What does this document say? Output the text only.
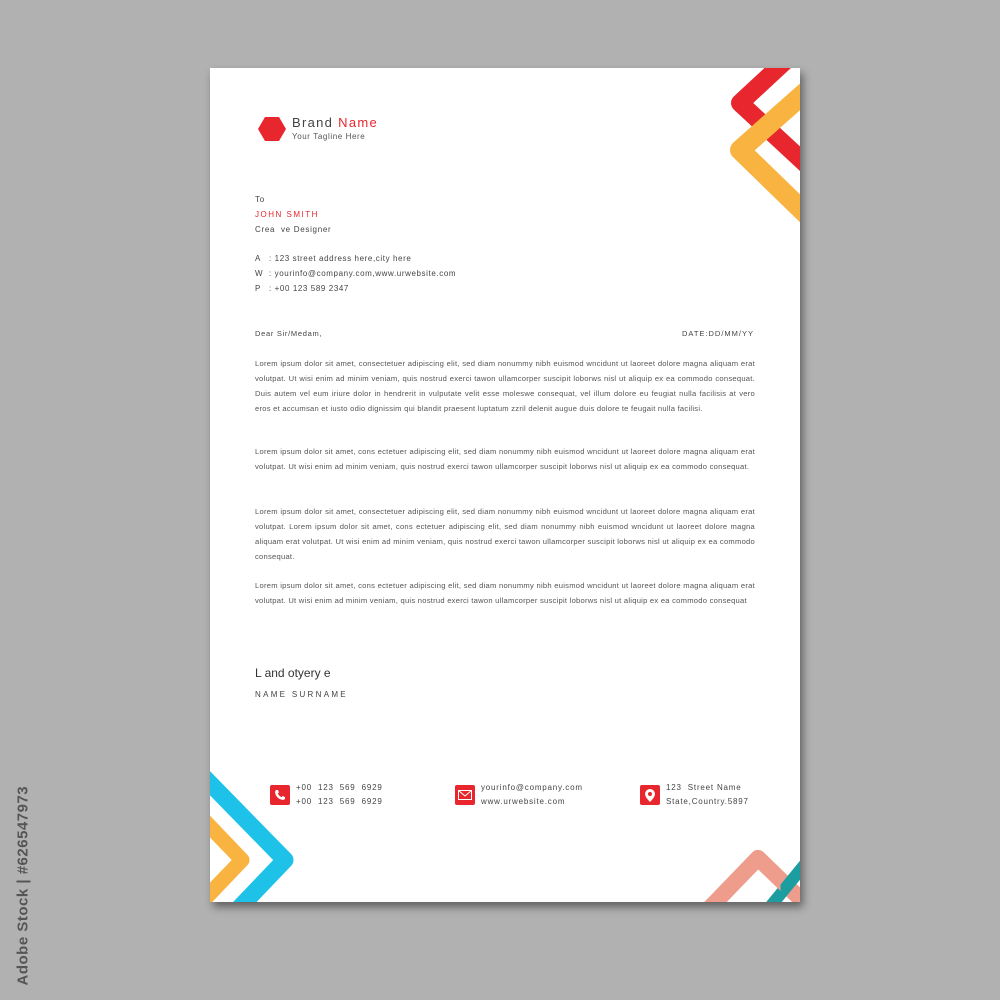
Adobe Stock | #626547973
Brand Name
Your Tagline Here
To
JOHN SMITH
Crea  ve Designer
A : 123 street address here,city here
W : yourinfo@company.com,www.urwebsite.com
P : +00 123 589 2347
Dear Sir/Medam,	DATE:DD/MM/YY

Lorem ipsum dolor sit amet, consectetuer adipiscing elit, sed diam nonummy nibh euismod wncidunt ut laoreet dolore magna aliquam erat volutpat. Ut wisi enim ad minim veniam, quis nostrud exerci tawon ullamcorper suscipit loborws nisl ut aliquip ex ea commodo consequat. Duis autem vel eum iriure dolor in hendrerit in vulputate velit esse moleswe consequat, vel illum dolore eu feugiat nulla facilisis at vero eros et accumsan et iusto odio dignissim qui blandit praesent luptatum zzril delenit augue duis dolore te feugait nulla facilisi.

Lorem ipsum dolor sit amet, cons ectetuer adipiscing elit, sed diam nonummy nibh euismod wncidunt ut laoreet dolore magna aliquam erat volutpat. Ut wisi enim ad minim veniam, quis nostrud exerci tawon ullamcorper suscipit loborws nisl ut aliquip ex ea commodo consequat.

Lorem ipsum dolor sit amet, consectetuer adipiscing elit, sed diam nonummy nibh euismod wncidunt ut laoreet dolore magna aliquam erat volutpat. Lorem ipsum dolor sit amet, cons ectetuer adipiscing elit, sed diam nonummy nibh euismod wncidunt ut laoreet dolore magna aliquam erat volutpat. Ut wisi enim ad minim veniam, quis nostrud exerci tawon ullamcorper suscipit loborws nisl ut aliquip ex ea commodo consequat.

Lorem ipsum dolor sit amet, cons ectetuer adipiscing elit, sed diam nonummy nibh euismod wncidunt ut laoreet dolore magna aliquam erat volutpat. Ut wisi enim ad minim veniam, quis nostrud exerci tawon ullamcorper suscipit loborws nisl ut aliquip ex ea commodo consequat

L and otyery e
NAME SURNAME
+00  123  569  6929
+00  123  569  6929
yourinfo@company.com
www.urwebsite.com
123  Street Name
State,Country.5897
